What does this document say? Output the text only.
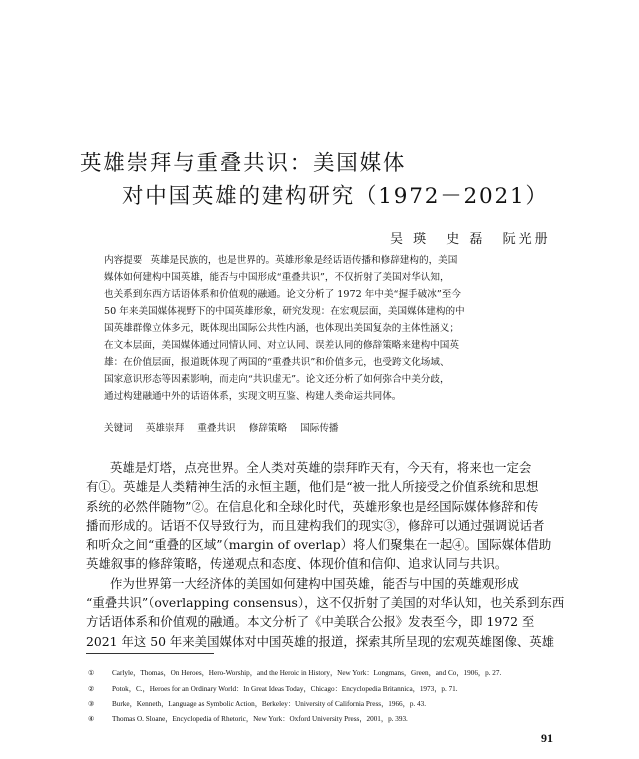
英雄崇拜与重叠共识：美国媒体
对中国英雄的建构研究（1972－2021）
吴 瑛 史 磊 阮光册
内容提要 英雄是民族的，也是世界的。英雄形象是经话语传播和修辞建构的，美国
媒体如何建构中国英雄，能否与中国形成“重叠共识”，不仅折射了美国对华认知，
也关系到东西方话语体系和价值观的融通。论文分析了 1972 年中美“握手破冰”至今
50 年来美国媒体视野下的中国英雄形象，研究发现：在宏观层面，美国媒体建构的中
国英雄群像立体多元，既体现出国际公共性内涵，也体现出美国复杂的主体性涵义；
在文本层面，美国媒体通过同情认同、对立认同、误差认同的修辞策略来建构中国英
雄：在价值层面，报道既体现了两国的“重叠共识”和价值多元，也受跨文化场域、
国家意识形态等因素影响，而走向“共识虚无”。论文还分析了如何弥合中美分歧，
通过构建融通中外的话语体系，实现文明互鉴、构建人类命运共同体。
关键词 英雄崇拜 重叠共识 修辞策略 国际传播
英雄是灯塔，点亮世界。全人类对英雄的崇拜昨天有，今天有，将来也一定会
有①。英雄是人类精神生活的永恒主题，他们是“被一批人所接受之价值系统和思想
系统的必然伴随物”②。在信息化和全球化时代，英雄形象也是经国际媒体修辞和传
播而形成的。话语不仅导致行为，而且建构我们的现实③，修辞可以通过强调说话者
和听众之间“重叠的区域”（margin of overlap）将人们聚集在一起④。国际媒体借助
英雄叙事的修辞策略，传递观点和态度、体现价值和信仰、追求认同与共识。
作为世界第一大经济体的美国如何建构中国英雄，能否与中国的英雄观形成
“重叠共识”（overlapping consensus），这不仅折射了美国的对华认知，也关系到东西
方话语体系和价值观的融通。本文分析了《中美联合公报》发表至今，即 1972 至
2021 年这 50 年来美国媒体对中国英雄的报道，探索其所呈现的宏观英雄图像、英雄
① Carlyle，Thomas，On Heroes，Hero-Worship，and the Heroic in History，New York：Longmans，Green，and Co，1906，p. 27.
② Potok，C.，Heroes for an Ordinary World：In Great Ideas Today，Chicago：Encyclopedia Britannica，1973，p. 71.
③ Burke，Kenneth，Language as Symbolic Action，Berkeley：University of California Press，1966，p. 43.
④ Thomas O. Sloane，Encyclopedia of Rhetoric，New York：Oxford University Press，2001，p. 393.
91
